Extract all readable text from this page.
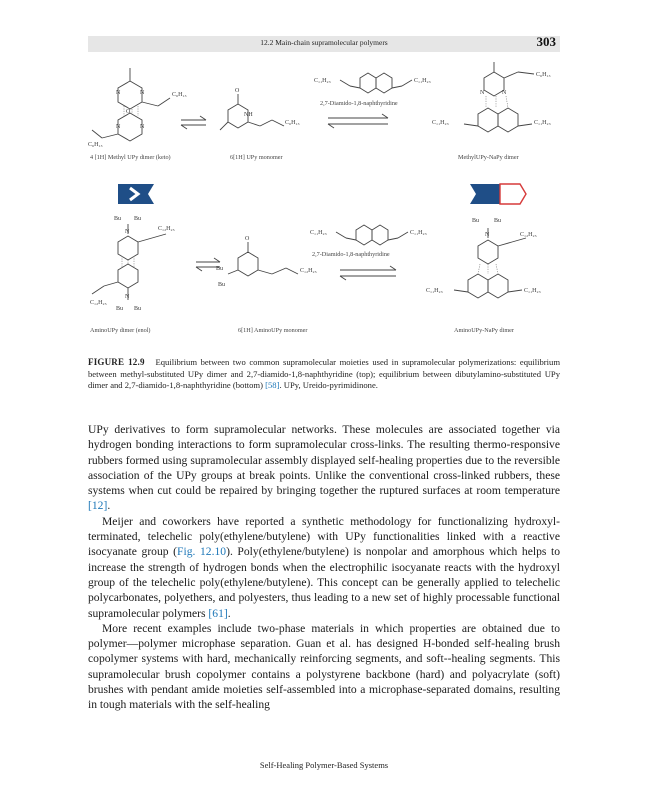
12.2 Main-chain supramolecular polymers	303
C₆H₁₃
C₆H₁₃
N	N
N	N
O
4 [1H] Methyl UPy dimer (keto)
O
NH
C₆H₁₃
6[1H] UPy monomer
C₁₁H₂₃	C₁₁H₂₃
2,7-Diamido-1,8-naphthyridine
C₆H₁₃
C₁₁H₂₃	C₁₁H₂₃
N	N
MethylUPy-NaPy dimer
Bu Bu
C₁₂H₂₅
C₁₂H₂₅
Bu Bu
N
N
AminoUPy dimer (enol)
O
Bu
Bu
C₁₂H₂₅
6[1H] AminoUPy monomer
C₁₁H₂₃	C₁₁H₂₃
2,7-Diamido-1,8-naphthyridine
Bu Bu
C₁₂H₂₅
C₁₁H₂₃	C₁₁H₂₃
N
AminoUPy-NaPy dimer
FIGURE 12.9 Equilibrium between two common supramolecular moieties used in supramolecular polymerizations: equilibrium between methyl-substituted UPy dimer and 2,7-diamido-1,8-naphthyridine (top); equilibrium between dibutylamino-substituted UPy dimer and 2,7-diamido-1,8-naphthyridine (bottom) [58]. UPy, Ureido-pyrimidinone.

UPy derivatives to form supramolecular networks. These molecules are associated together via hydrogen bonding interactions to form supramolecular cross-links. The resulting thermo-responsive rubbers formed using supramolecular assembly displayed self-healing properties due to the reversible association of the UPy groups at break points. Unlike the conventional cross-linked rubbers, these systems when cut could be repaired by bringing together the ruptured surfaces at room temperature [12].

Meijer and coworkers have reported a synthetic methodology for functionalizing hydroxyl-terminated, telechelic poly(ethylene/butylene) with UPy functionalities linked with a reactive isocyanate group (Fig. 12.10). Poly(ethylene/butylene) is nonpolar and amorphous which helps to increase the strength of hydrogen bonds when the electrophilic isocyanate reacts with the hydroxyl group of the telechelic poly(ethylene/butylene). This concept can be generally applied to telechelic polycarbonates, polyethers, and polyesters, thus leading to a new set of highly processable functional supramolecular polymers [61].

More recent examples include two-phase materials in which properties are obtained due to polymer—polymer microphase separation. Guan et al. has designed H-bonded self-healing brush copolymer systems with hard, mechanically reinforcing segments, and soft--healing segments. This supramolecular brush copolymer contains a polystyrene backbone (hard) and polyacrylate (soft) brushes with pendant amide moieties self-assembled into a microphase-separated domains, resulting in tough materials with the self-healing

Self-Healing Polymer-Based Systems
